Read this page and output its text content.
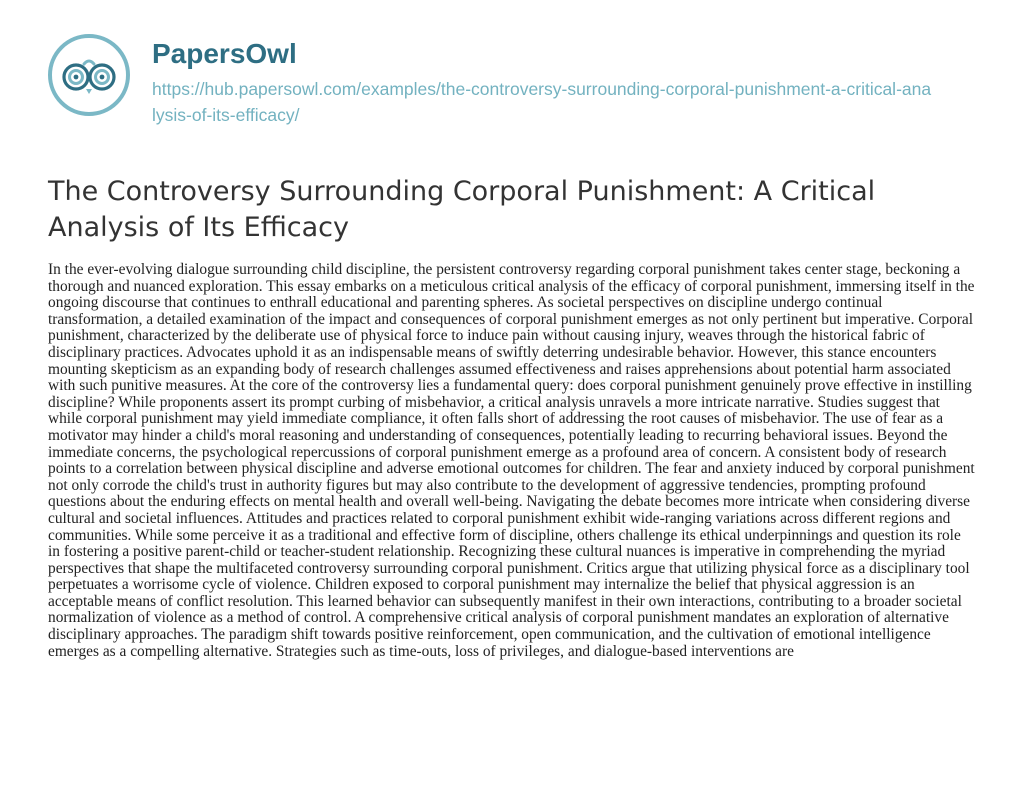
PapersOwl
https://hub.papersowl.com/examples/the-controversy-surrounding-corporal-punishment-a-critical-analysis-of-its-efficacy/
The Controversy Surrounding Corporal Punishment: A Critical Analysis of Its Efficacy

In the ever-evolving dialogue surrounding child discipline, the persistent controversy regarding corporal punishment takes center stage, beckoning a thorough and nuanced exploration. This essay embarks on a meticulous critical analysis of the efficacy of corporal punishment, immersing itself in the ongoing discourse that continues to enthrall educational and parenting spheres. As societal perspectives on discipline undergo continual transformation, a detailed examination of the impact and consequences of corporal punishment emerges as not only pertinent but imperative. Corporal punishment, characterized by the deliberate use of physical force to induce pain without causing injury, weaves through the historical fabric of disciplinary practices. Advocates uphold it as an indispensable means of swiftly deterring undesirable behavior. However, this stance encounters mounting skepticism as an expanding body of research challenges assumed effectiveness and raises apprehensions about potential harm associated with such punitive measures. At the core of the controversy lies a fundamental query: does corporal punishment genuinely prove effective in instilling discipline? While proponents assert its prompt curbing of misbehavior, a critical analysis unravels a more intricate narrative. Studies suggest that while corporal punishment may yield immediate compliance, it often falls short of addressing the root causes of misbehavior. The use of fear as a motivator may hinder a child's moral reasoning and understanding of consequences, potentially leading to recurring behavioral issues. Beyond the immediate concerns, the psychological repercussions of corporal punishment emerge as a profound area of concern. A consistent body of research points to a correlation between physical discipline and adverse emotional outcomes for children. The fear and anxiety induced by corporal punishment not only corrode the child's trust in authority figures but may also contribute to the development of aggressive tendencies, prompting profound questions about the enduring effects on mental health and overall well-being. Navigating the debate becomes more intricate when considering diverse cultural and societal influences. Attitudes and practices related to corporal punishment exhibit wide-ranging variations across different regions and communities. While some perceive it as a traditional and effective form of discipline, others challenge its ethical underpinnings and question its role in fostering a positive parent-child or teacher-student relationship. Recognizing these cultural nuances is imperative in comprehending the myriad perspectives that shape the multifaceted controversy surrounding corporal punishment. Critics argue that utilizing physical force as a disciplinary tool perpetuates a worrisome cycle of violence. Children exposed to corporal punishment may internalize the belief that physical aggression is an acceptable means of conflict resolution. This learned behavior can subsequently manifest in their own interactions, contributing to a broader societal normalization of violence as a method of control. A comprehensive critical analysis of corporal punishment mandates an exploration of alternative disciplinary approaches. The paradigm shift towards positive reinforcement, open communication, and the cultivation of emotional intelligence emerges as a compelling alternative. Strategies such as time-outs, loss of privileges, and dialogue-based interventions are
